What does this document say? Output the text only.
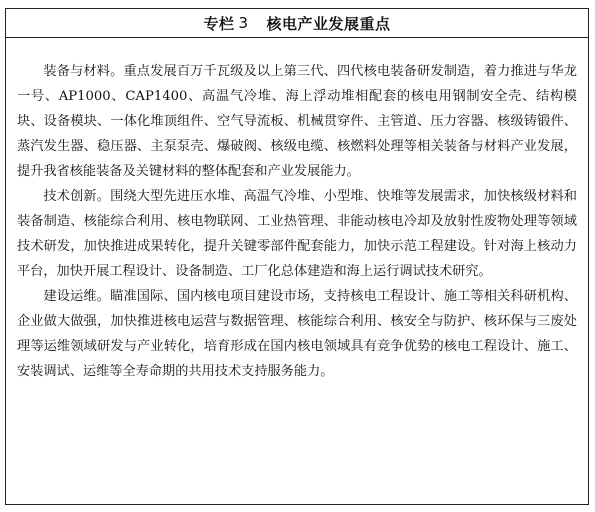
专栏 3 核电产业发展重点

装备与材料。重点发展百万千瓦级及以上第三代、四代核电装备研发制造，着力推进与华龙一号、AP1000、CAP1400、高温气冷堆、海上浮动堆相配套的核电用钢制安全壳、结构模块、设备模块、一体化堆顶组件、空气导流板、机械贯穿件、主管道、压力容器、核级铸锻件、蒸汽发生器、稳压器、主泵泵壳、爆破阀、核级电缆、核燃料处理等相关装备与材料产业发展，提升我省核能装备及关键材料的整体配套和产业发展能力。

技术创新。围绕大型先进压水堆、高温气冷堆、小型堆、快堆等发展需求，加快核级材料和装备制造、核能综合利用、核电物联网、工业热管理、非能动核电冷却及放射性废物处理等领域技术研发，加快推进成果转化，提升关键零部件配套能力，加快示范工程建设。针对海上核动力平台，加快开展工程设计、设备制造、工厂化总体建造和海上运行调试技术研究。

建设运维。瞄准国际、国内核电项目建设市场，支持核电工程设计、施工等相关科研机构、企业做大做强，加快推进核电运营与数据管理、核能综合利用、核安全与防护、核环保与三废处理等运维领域研发与产业转化，培育形成在国内核电领域具有竞争优势的核电工程设计、施工、安装调试、运维等全寿命期的共用技术支持服务能力。
